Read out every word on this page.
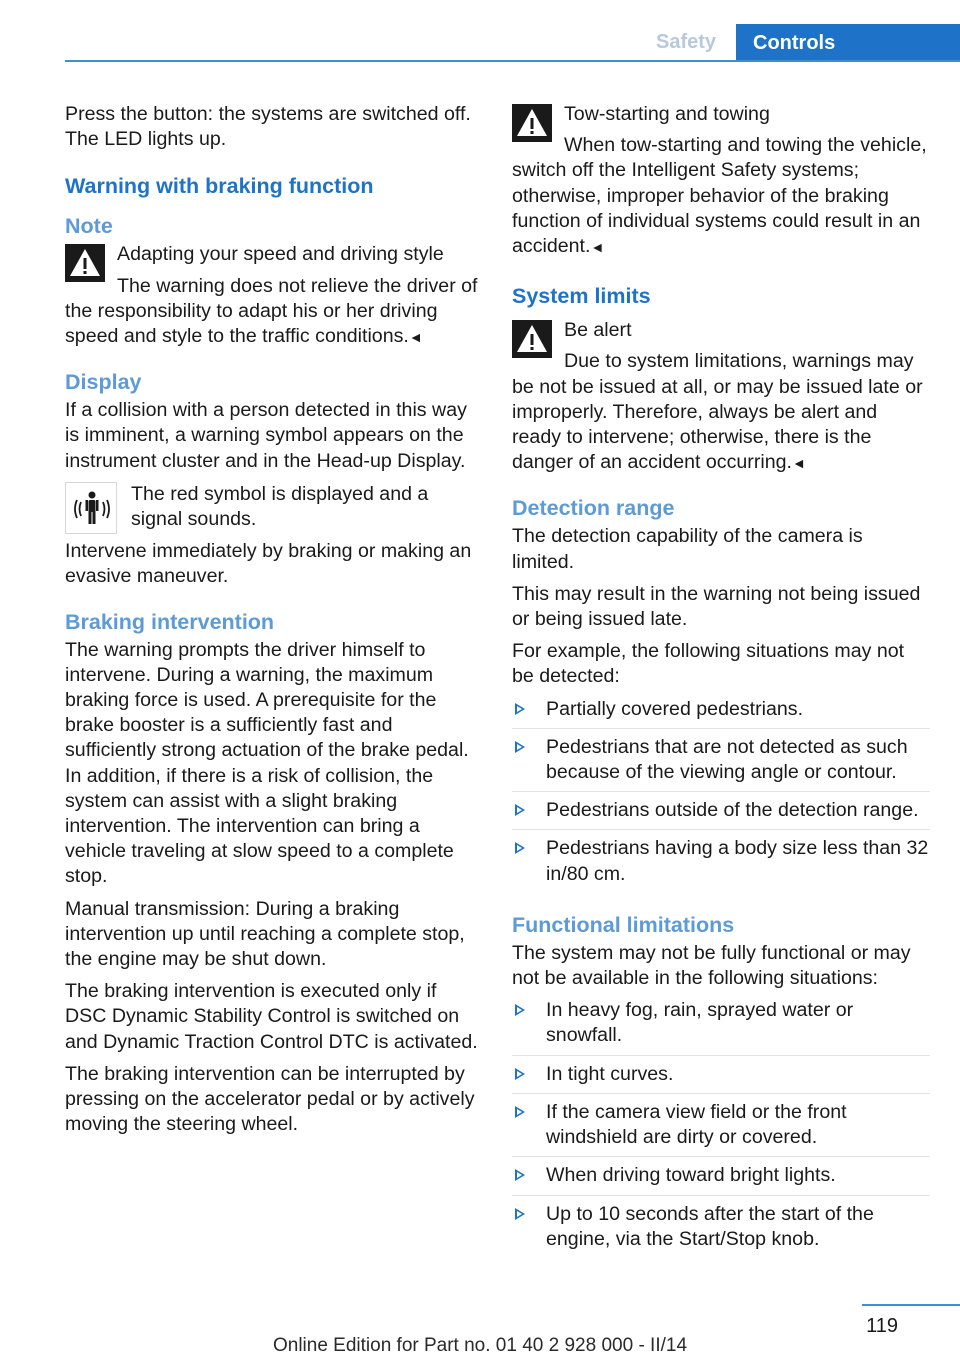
Safety	Controls

Press the button: the systems are switched off. The LED lights up.

Warning with braking function
Note
Adapting your speed and driving style
The warning does not relieve the driver of the responsibility to adapt his or her driving speed and style to the traffic conditions.◄
Display

If a collision with a person detected in this way is imminent, a warning symbol appears on the instrument cluster and in the Head-up Display.

The red symbol is displayed and a signal sounds.

Intervene immediately by braking or making an evasive maneuver.

Braking intervention

The warning prompts the driver himself to intervene. During a warning, the maximum braking force is used. A prerequisite for the brake booster is a sufficiently fast and sufficiently strong actuation of the brake pedal. In addition, if there is a risk of collision, the system can assist with a slight braking intervention. The intervention can bring a vehicle traveling at slow speed to a complete stop.

Manual transmission: During a braking intervention up until reaching a complete stop, the engine may be shut down.

The braking intervention is executed only if DSC Dynamic Stability Control is switched on and Dynamic Traction Control DTC is activated.

The braking intervention can be interrupted by pressing on the accelerator pedal or by actively moving the steering wheel.

Tow-starting and towing
When tow-starting and towing the vehicle, switch off the Intelligent Safety systems; otherwise, improper behavior of the braking function of individual systems could result in an accident.◄
System limits
Be alert
Due to system limitations, warnings may be not be issued at all, or may be issued late or improperly. Therefore, always be alert and ready to intervene; otherwise, there is the danger of an accident occurring.◄
Detection range

The detection capability of the camera is limited.

This may result in the warning not being issued or being issued late.

For example, the following situations may not be detected:

Partially covered pedestrians.
Pedestrians that are not detected as such because of the viewing angle or contour.
Pedestrians outside of the detection range.
Pedestrians having a body size less than 32 in/80 cm.
Functional limitations

The system may not be fully functional or may not be available in the following situations:

In heavy fog, rain, sprayed water or snowfall.
In tight curves.
If the camera view field or the front windshield are dirty or covered.
When driving toward bright lights.
Up to 10 seconds after the start of the engine, via the Start/Stop knob.
119
Online Edition for Part no. 01 40 2 928 000 - II/14
